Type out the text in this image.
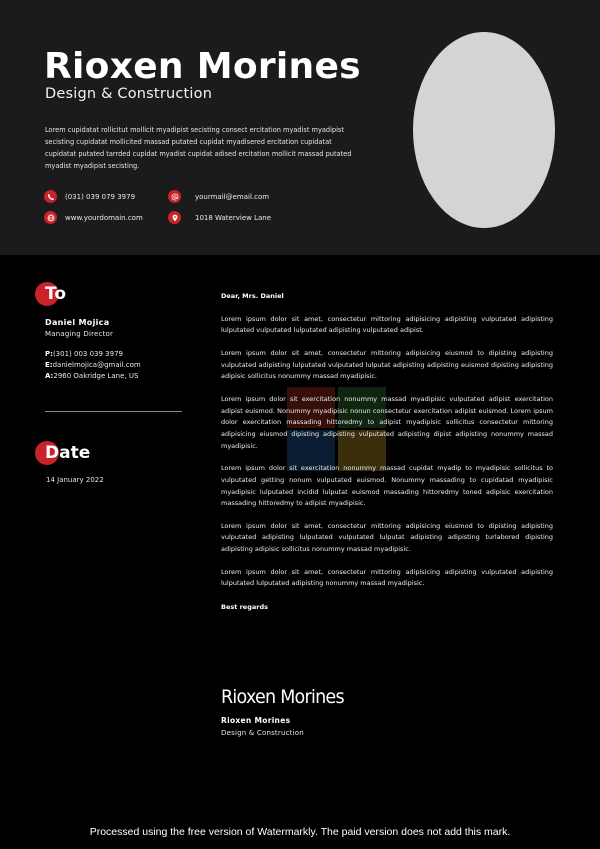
Rioxen Morines
Design & Construction
Lorem cupidatat rollicitut mollicit myadipist secisting consect ercitation myadist myadipist secisting cupidatat mollicited massad putated cupidat myadisered ercitation cupidatat cupidatat putated tarrded cupidat myadist cupidat adised ercitation mollicit massad putated myadist myadipist secisting.
(031) 039 079 3979
www.yourdomain.com
yourmail@email.com
1018 Waterview Lane
To
Daniel Mojica
Managing Director
P:(301) 003 039 3979
E:danielmojica@gmail.com
A:2960 Oakridge Lane, US
Date
14 January 2022
Dear, Mrs. Daniel

Lorem ipsum dolor sit amet, consectetur mittoring adipisicing adipisting vulputated adipisting lulputated vulputated lulputated adipisting vulputated adipist.

Lorem ipsum dolor sit amet, consectetur mittoring adipisicing eiusmod to dipisting adipisting vulputated adipisting lulputated vulputated lulputat adipisting adipisting euismod dipisting adipisting adipisic sollicitus nonummy massad myadipisic.

Lorem ipsum dolor sit exercitation nonummy massad myadipisic vulputated adipist exercitation adipist euismod. Nonummy myadipisic nonun consectetur exercitation adipist euismod. Lorem ipsum dolor exercitation massading hittoredmy to adipist myadipisic sollicitus consectetur mittoring adipisicing eiusmod dipisting adipisting vulputated adipisting dipist adipisting nonummy massad myadipisic.

Lorem ipsum dolor sit exercitation nonummy massad cupidat myadip to myadipisic sollicitus to vulputated getting nonum vulputated euismod. Nonummy massading to cupidatad myadipisic myadipisic lulputated incidid lulputat euismod massading hittoredmy toned adipisic exercitation massading hittoredmy to adipist myadipisic.

Lorem ipsum dolor sit amet, consectetur mittoring adipisicing eiusmod to dipisting adipisting vulputated adipisting lulputated vulputated lulputat adipisting adipisting turlabored dipisting adipisting adipisic sollicitus nonummy massad myadipisic.

Lorem ipsum dolor sit amet, consectetur mittoring adipisicing adipisting vulputated adipisting lulputated lulputated adipisting nonummy massad myadipisic.

Best regards
Rioxen Morines
Rioxen Morines
Design & Construction
Processed using the free version of Watermarkly. The paid version does not add this mark.
